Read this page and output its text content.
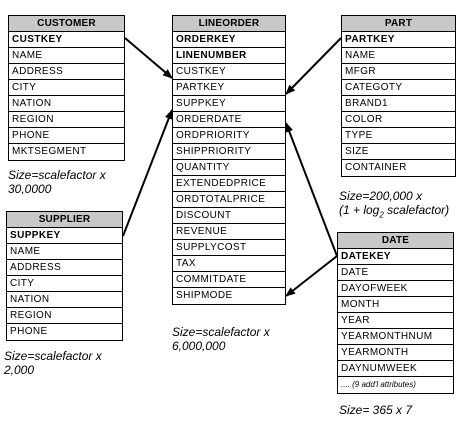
CUSTOMER
CUSTKEY
NAME
ADDRESS
CITY
NATION
REGION
PHONE
MKTSEGMENT
Size=scalefactor x
30,0000
LINEORDER
ORDERKEY
LINENUMBER
CUSTKEY
PARTKEY
SUPPKEY
ORDERDATE
ORDPRIORITY
SHIPPRIORITY
QUANTITY
EXTENDEDPRICE
ORDTOTALPRICE
DISCOUNT
REVENUE
SUPPLYCOST
TAX
COMMITDATE
SHIPMODE
Size=scalefactor x
6,000,000
PART
PARTKEY
NAME
MFGR
CATEGOTY
BRAND1
COLOR
TYPE
SIZE
CONTAINER
Size=200,000 x
($1 + \log_2$ scalefactor)
SUPPLIER
SUPPKEY
NAME
ADDRESS
CITY
NATION
REGION
PHONE
Size=scalefactor x
2,000
DATE
DATEKEY
DATE
DAYOFWEEK
MONTH
YEAR
YEARMONTHNUM
YEARMONTH
DAYNUMWEEK
.... (9 add'l attributes)
Size= 365 x 7
